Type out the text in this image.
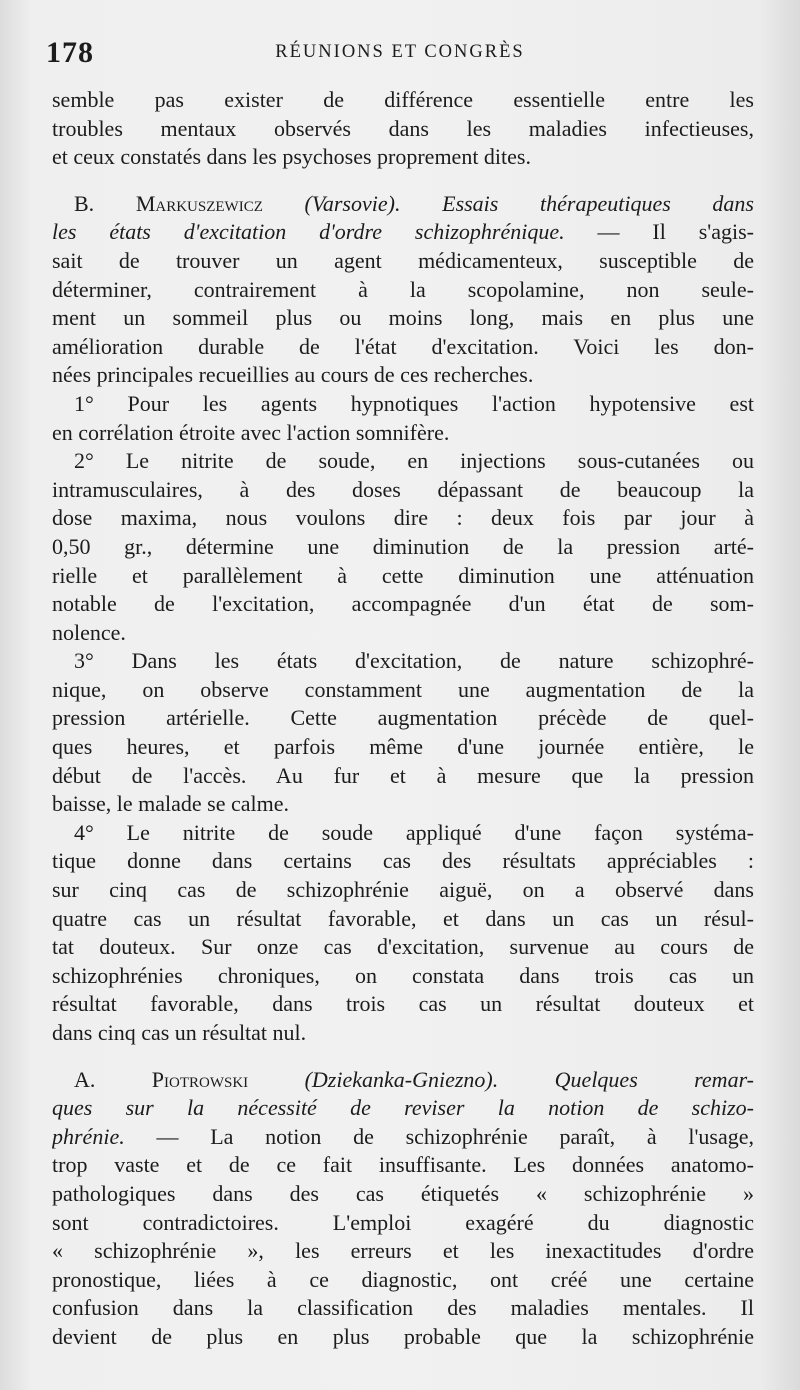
178	RÉUNIONS ET CONGRÈS
semble pas exister de différence essentielle entre les
troubles mentaux observés dans les maladies infectieuses,
et ceux constatés dans les psychoses proprement dites.
B. Markuszewicz (Varsovie). Essais thérapeutiques dans
les états d'excitation d'ordre schizophrénique. — Il s'agis-
sait de trouver un agent médicamenteux, susceptible de
déterminer, contrairement à la scopolamine, non seule-
ment un sommeil plus ou moins long, mais en plus une
amélioration durable de l'état d'excitation. Voici les don-
nées principales recueillies au cours de ces recherches.
1° Pour les agents hypnotiques l'action hypotensive est
en corrélation étroite avec l'action somnifère.
2° Le nitrite de soude, en injections sous-cutanées ou
intramusculaires, à des doses dépassant de beaucoup la
dose maxima, nous voulons dire : deux fois par jour à
0,50 gr., détermine une diminution de la pression arté-
rielle et parallèlement à cette diminution une atténuation
notable de l'excitation, accompagnée d'un état de som-
nolence.
3° Dans les états d'excitation, de nature schizophré-
nique, on observe constamment une augmentation de la
pression artérielle. Cette augmentation précède de quel-
ques heures, et parfois même d'une journée entière, le
début de l'accès. Au fur et à mesure que la pression
baisse, le malade se calme.
4° Le nitrite de soude appliqué d'une façon systéma-
tique donne dans certains cas des résultats appréciables :
sur cinq cas de schizophrénie aiguë, on a observé dans
quatre cas un résultat favorable, et dans un cas un résul-
tat douteux. Sur onze cas d'excitation, survenue au cours de
schizophrénies chroniques, on constata dans trois cas un
résultat favorable, dans trois cas un résultat douteux et
dans cinq cas un résultat nul.
A. Piotrowski	(Dziekanka-Gniezno).	Quelques remar-
ques sur la nécessité de reviser la notion de schizo-
phrénie. — La notion de schizophrénie paraît, à l'usage,
trop vaste et de ce fait insuffisante. Les données anatomo-
pathologiques dans des cas étiquetés « schizophrénie »
sont contradictoires. L'emploi exagéré du diagnostic
« schizophrénie », les erreurs et les inexactitudes d'ordre
pronostique, liées à ce diagnostic, ont créé une certaine
confusion dans la classification des maladies mentales. Il
devient de plus en plus probable que la schizophrénie
